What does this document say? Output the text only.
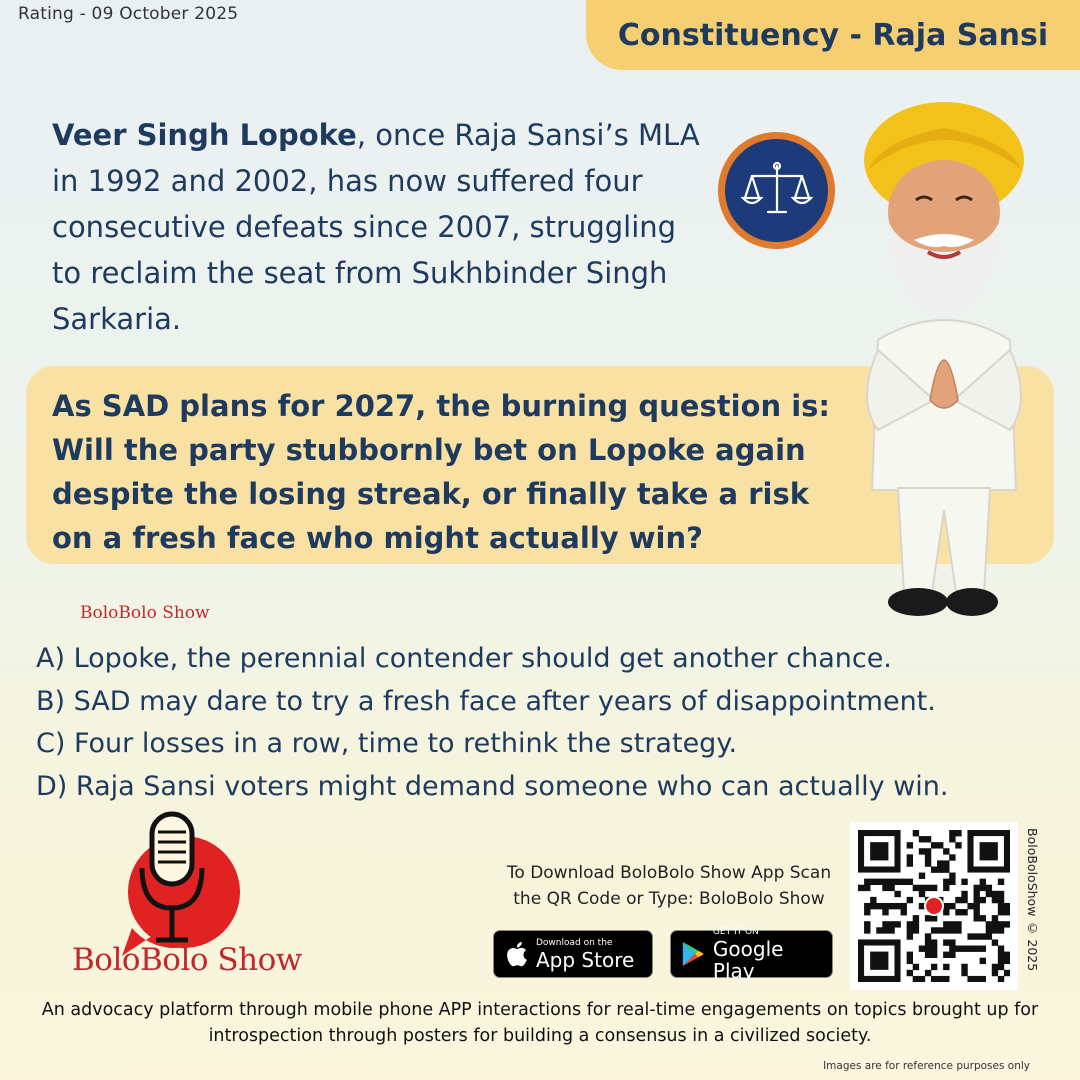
Rating - 09 October 2025
Constituency - Raja Sansi

Veer Singh Lopoke, once Raja Sansi’s MLA in 1992 and 2002, has now suffered four consecutive defeats since 2007, struggling to reclaim the seat from Sukhbinder Singh Sarkaria.

As SAD plans for 2027, the burning question is: Will the party stubbornly bet on Lopoke again despite the losing streak, or finally take a risk on a fresh face who might actually win?

BoloBolo Show
A) Lopoke, the perennial contender should get another chance.
B) SAD may dare to try a fresh face after years of disappointment.
C) Four losses in a row, time to rethink the strategy.
D) Raja Sansi voters might demand someone who can actually win.
BoloBolo Show
To Download BoloBolo Show App Scan
the QR Code or Type: BoloBolo Show
Download on the
App Store
GET IT ON
Google Play	BoloBoloShow © 2025

An advocacy platform through mobile phone APP interactions for real-time engagements on topics brought up for introspection through posters for building a consensus in a civilized society.

Images are for reference purposes only
